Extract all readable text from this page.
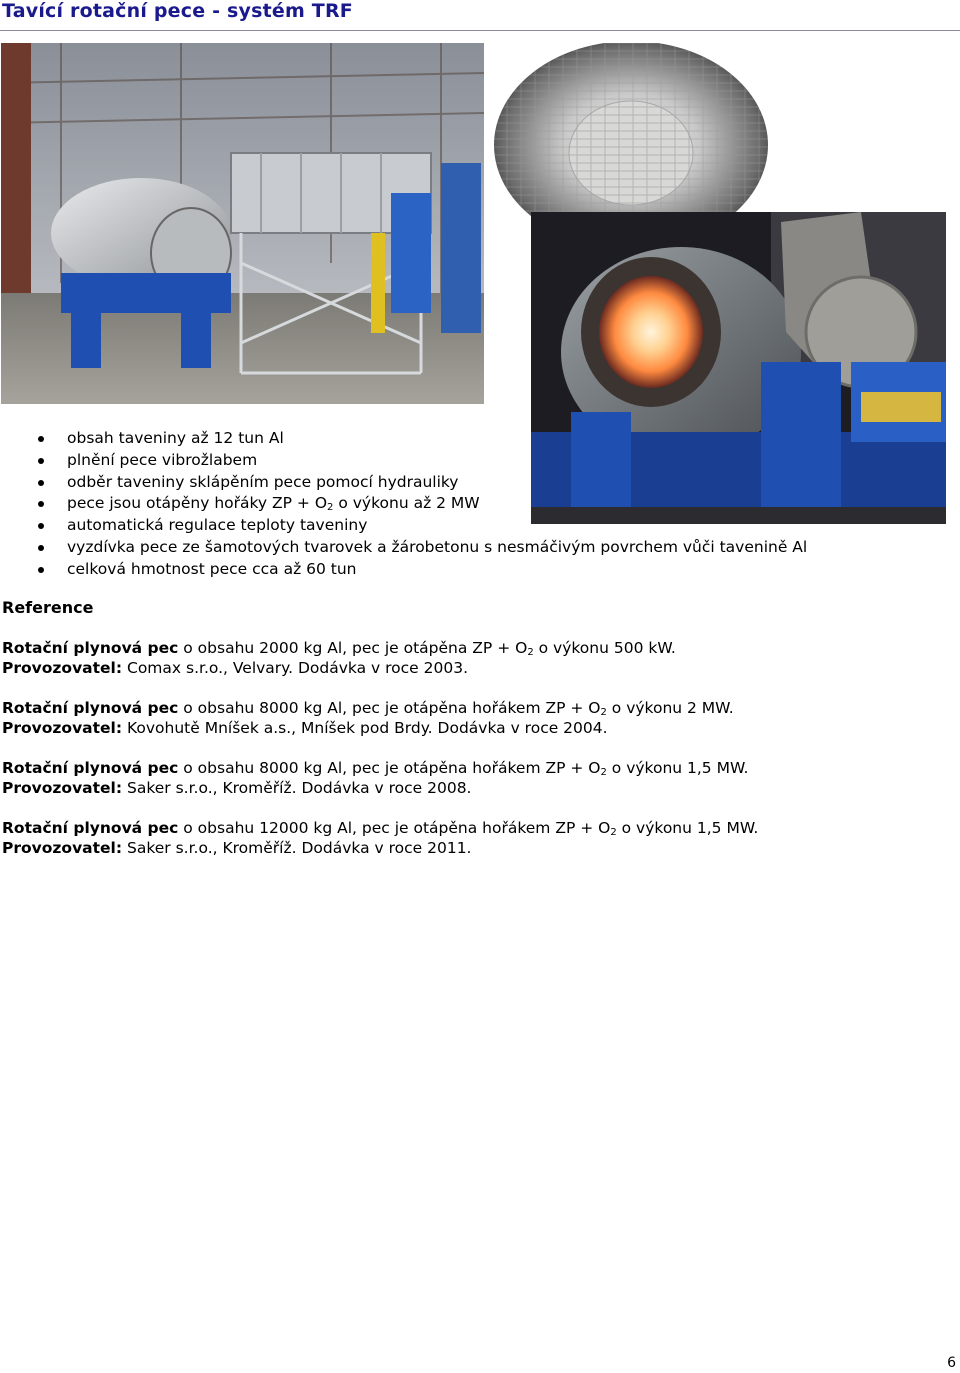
Tavící rotační pece - systém TRF
obsah taveniny až 12 tun Al
plnění pece vibrožlabem
odběr taveniny sklápěním pece pomocí hydrauliky
pece jsou otápěny hořáky ZP + $O_2$ o výkonu až 2 MW
automatická regulace teploty taveniny
vyzdívka pece ze šamotových tvarovek a žárobetonu s nesmáčivým povrchem vůči tavenině Al
celková hmotnost pece cca až 60 tun
Reference
Rotační plynová pec o obsahu 2000 kg Al, pec je otápěna ZP + $O_2$ o výkonu 500 kW.
Provozovatel: Comax s.r.o., Velvary. Dodávka v roce 2003.
Rotační plynová pec o obsahu 8000 kg Al, pec je otápěna hořákem ZP + $O_2$ o výkonu 2 MW.
Provozovatel: Kovohutě Mníšek a.s., Mníšek pod Brdy. Dodávka v roce 2004.
Rotační plynová pec o obsahu 8000 kg Al, pec je otápěna hořákem ZP + $O_2$ o výkonu 1,5 MW.
Provozovatel: Saker s.r.o., Kroměříž. Dodávka v roce 2008.
Rotační plynová pec o obsahu 12000 kg Al, pec je otápěna hořákem ZP + $O_2$ o výkonu 1,5 MW.
Provozovatel: Saker s.r.o., Kroměříž. Dodávka v roce 2011.
6
